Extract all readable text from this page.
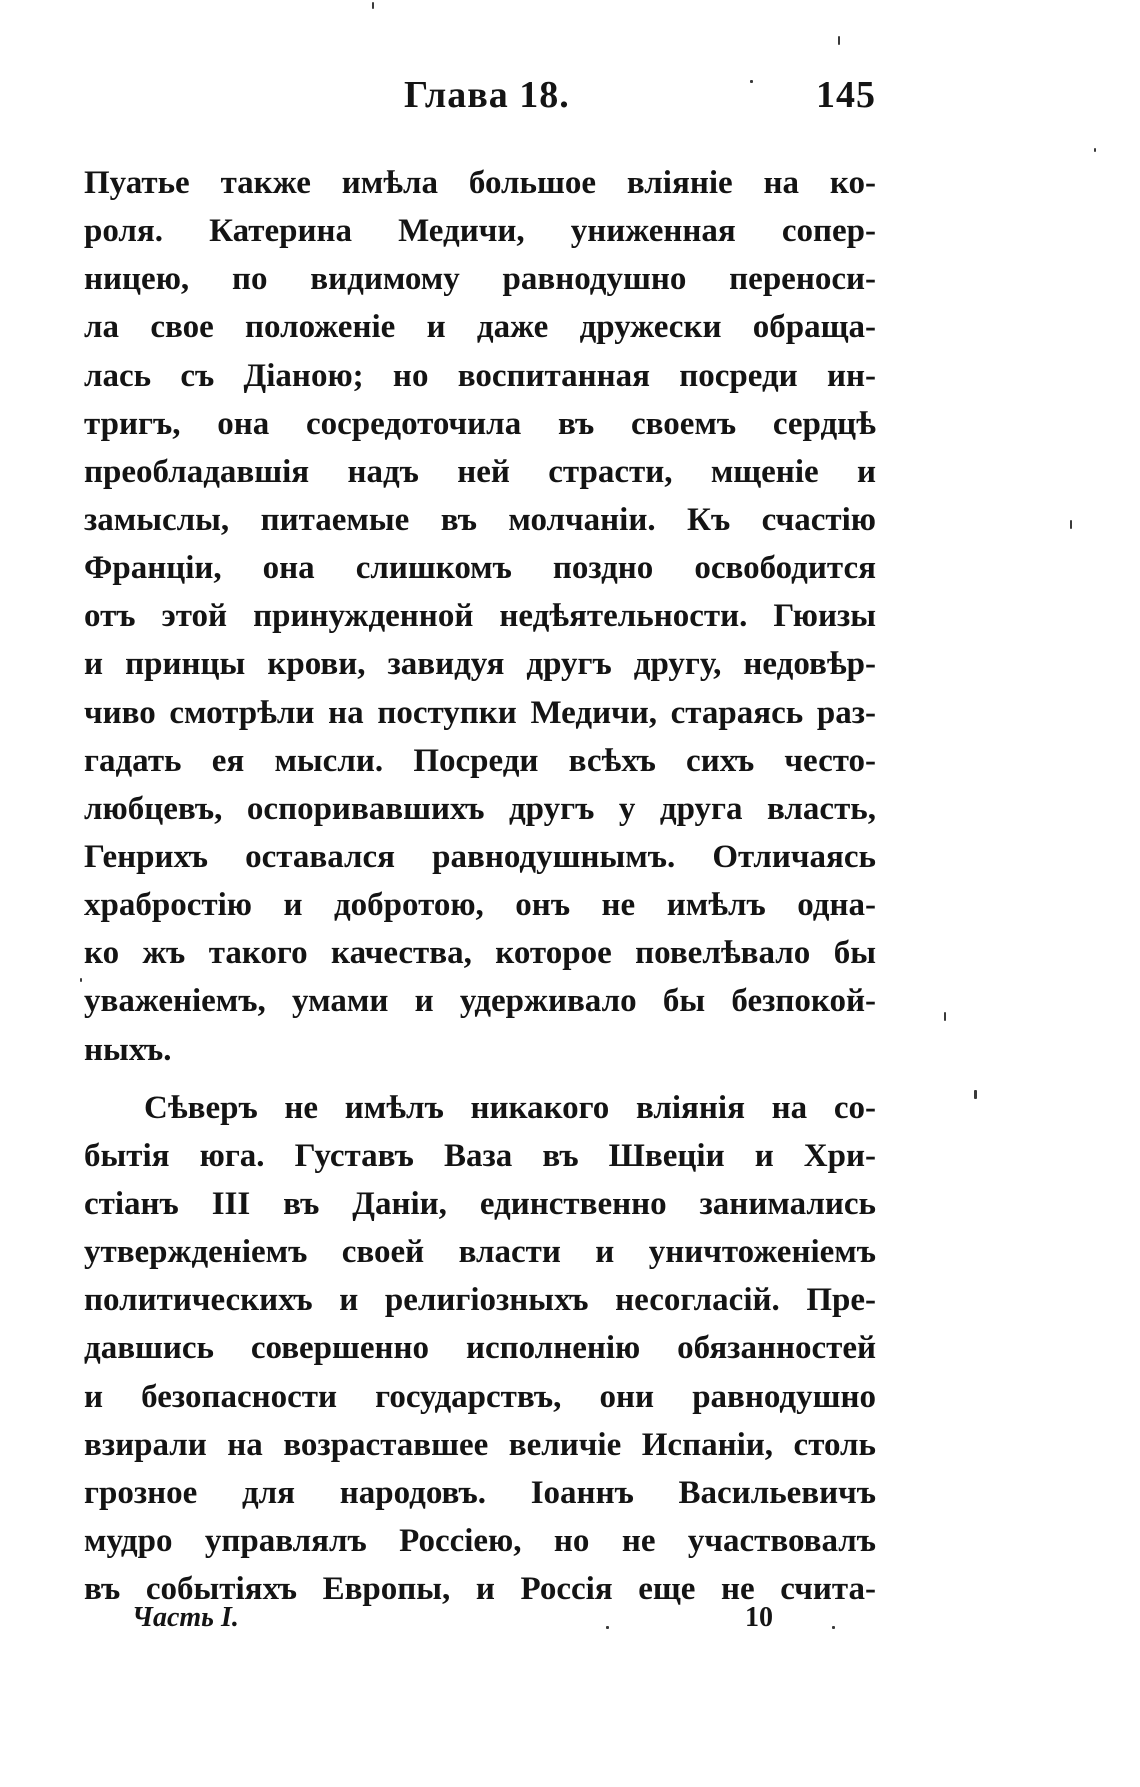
Глава 18.	145
Пуатье также имѣла большое вліяніе на ко-
роля. Катерина Медичи, униженная сопер-
ницею, по видимому равнодушно переноси-
ла свое положеніе и даже дружески обраща-
лась съ Діаною; но воспитанная посреди ин-
тригъ, она сосредоточила въ своемъ сердцѣ
преобладавшія надъ ней страсти, мщеніе и
замыслы, питаемые въ молчаніи. Къ счастію
Франціи, она слишкомъ поздно освободится
отъ этой принужденной недѣятельности. Гюизы
и принцы крови, завидуя другъ другу, недовѣр-
чиво смотрѣли на поступки Медичи, стараясь раз-
гадать ея мысли. Посреди всѣхъ сихъ често-
любцевъ, оспоривавшихъ другъ у друга власть,
Генрихъ оставался равнодушнымъ. Отличаясь
храбростію и добротою, онъ не имѣлъ одна-
ко жъ такого качества, которое повелѣвало бы
уваженіемъ, умами и удерживало бы безпокой-
ныхъ.
Сѣверъ не имѣлъ никакого вліянія на со-
бытія юга. Густавъ Ваза въ Швеціи и Хри-
стіанъ III въ Даніи, единственно занимались
утвержденіемъ своей власти и уничтоженіемъ
политическихъ и религіозныхъ несогласій. Пре-
давшись совершенно исполненію обязанностей
и безопасности государствъ, они равнодушно
взирали на возраставшее величіе Испаніи, столь
грозное для народовъ. Іоаннъ Васильевичъ
мудро управлялъ Россіею, но не участвовалъ
въ событіяхъ Европы, и Россія еще не счита-
Часть I.	10
